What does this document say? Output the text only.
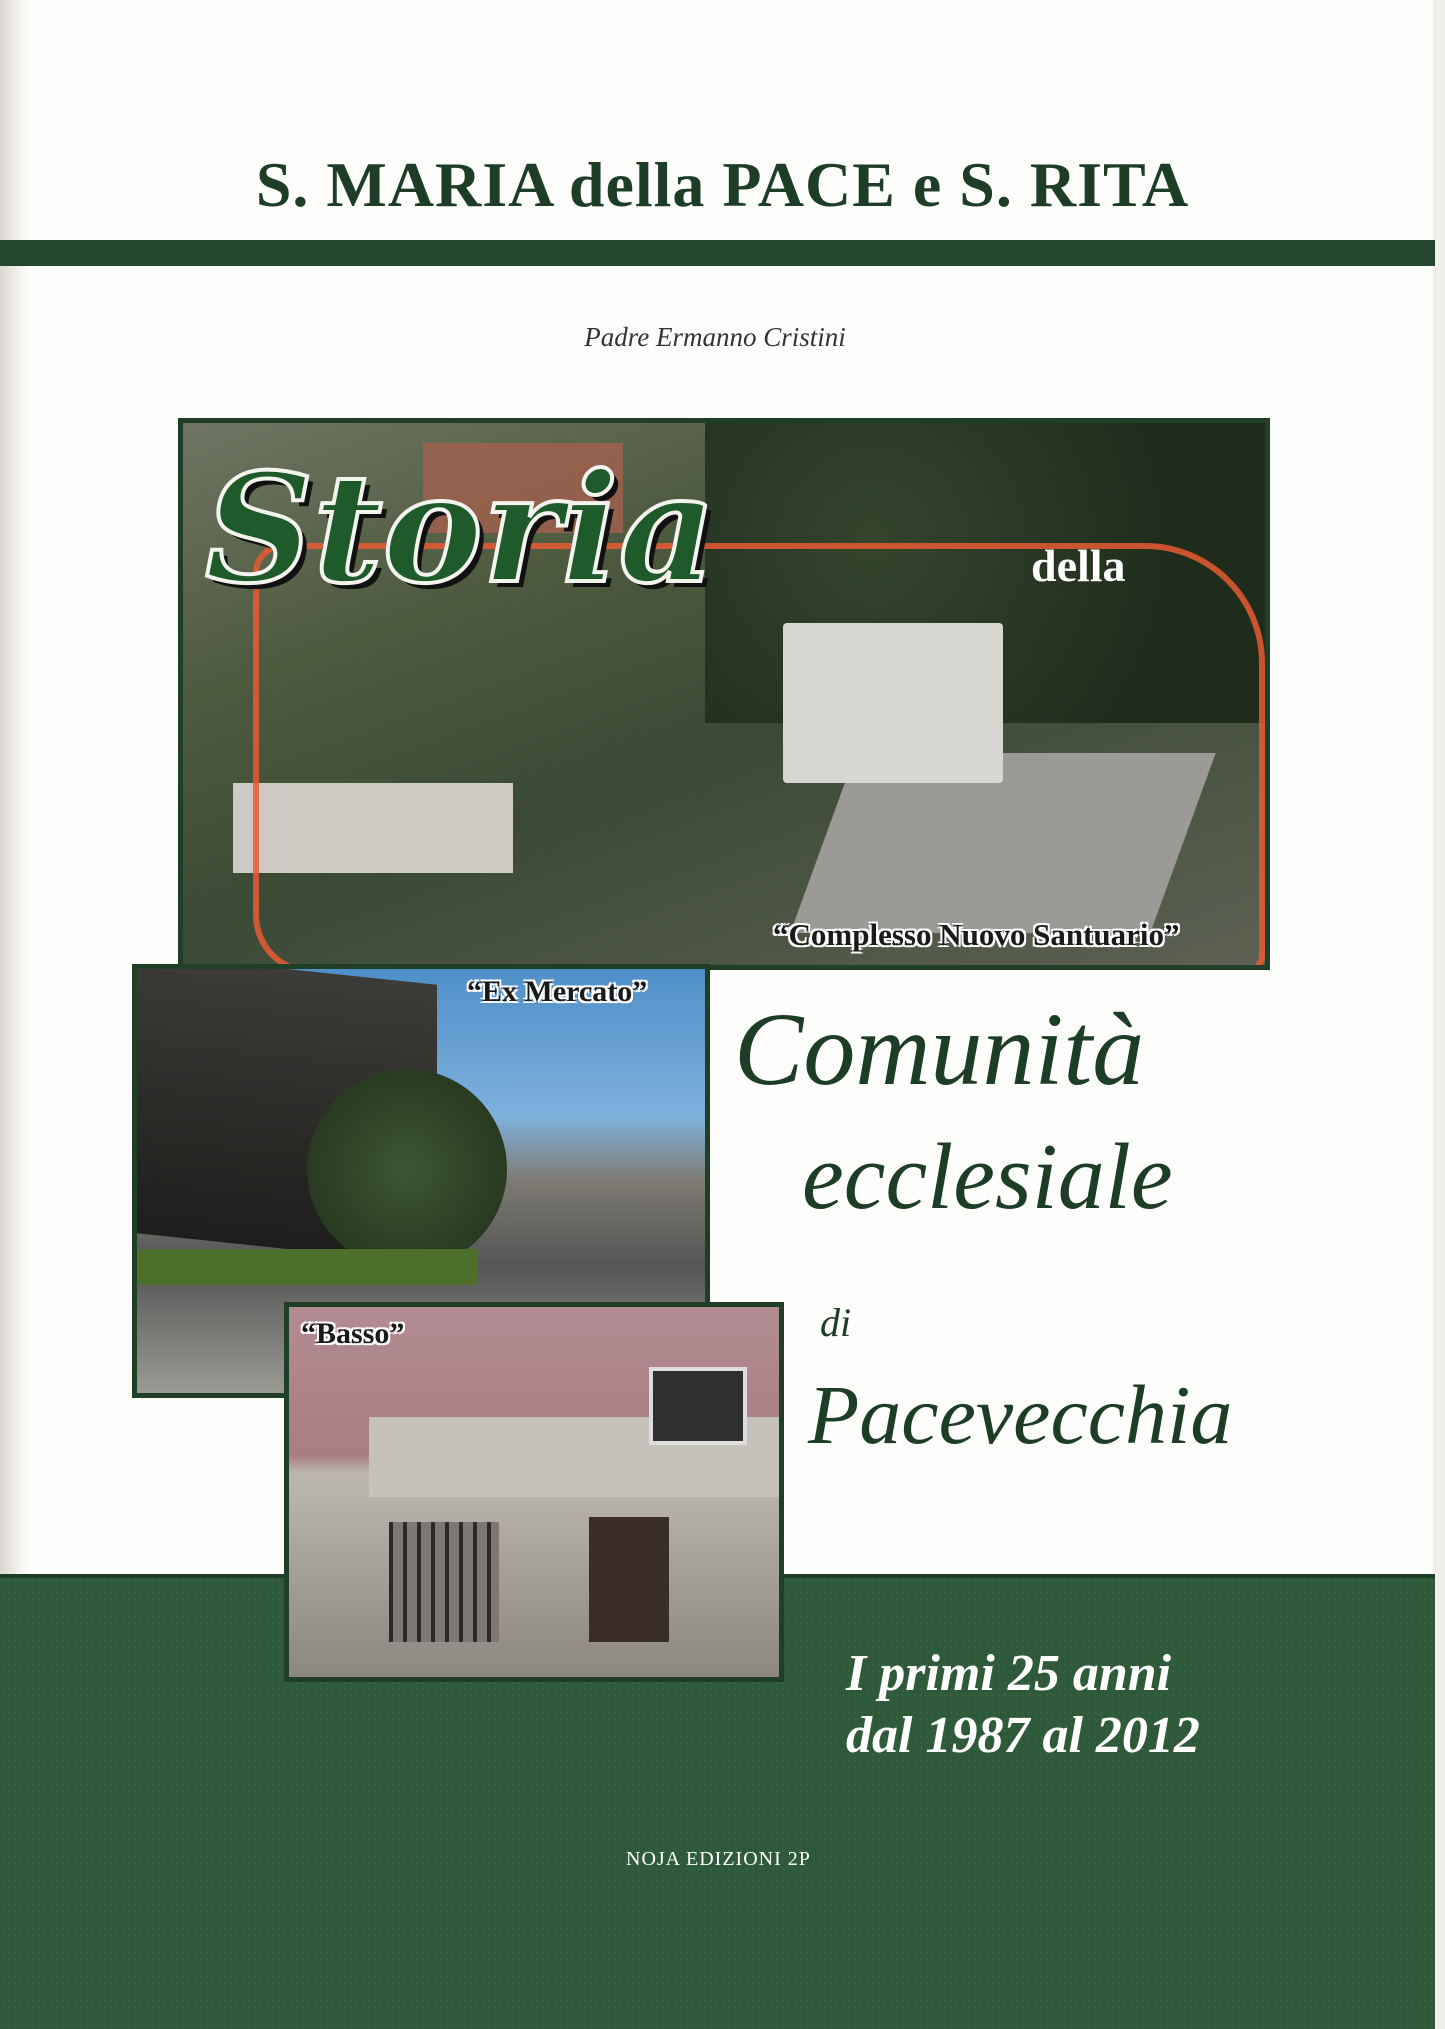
S. MARIA della PACE e S. RITA
Padre Ermanno Cristini
Storia	della
“Complesso Nuovo Santuario”
“Ex Mercato”
“Basso”
Comunità
ecclesiale
di
Pacevecchia
I primi 25 anni
dal 1987 al 2012
NOJA EDIZIONI 2P
